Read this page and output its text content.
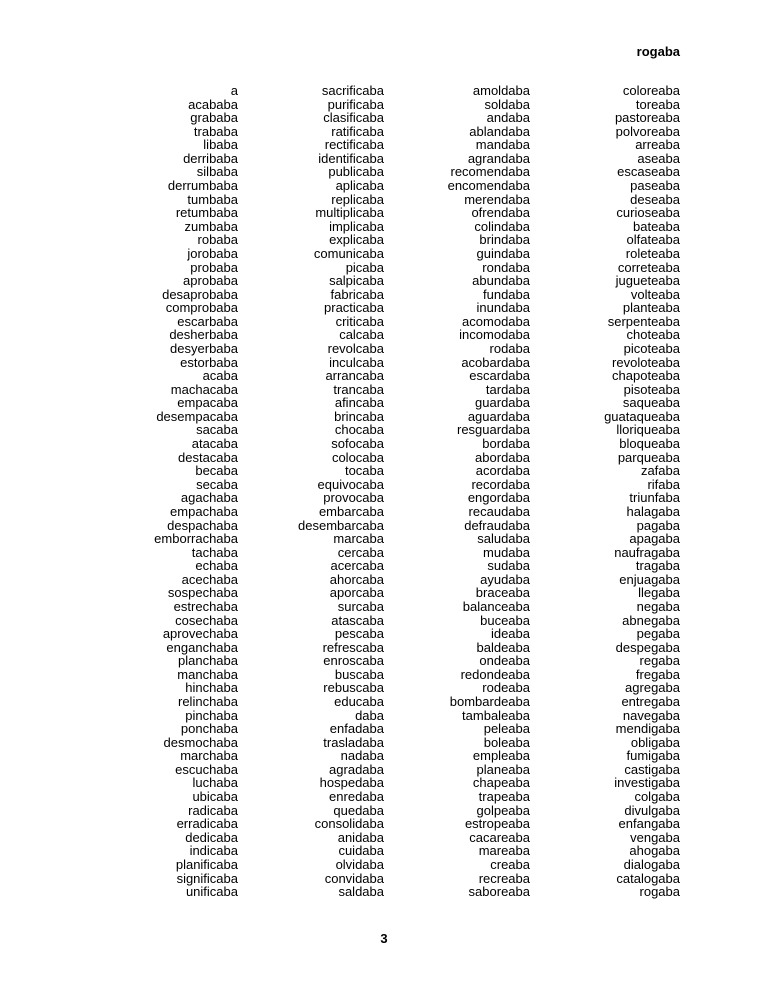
rogaba
a
acababa
grababa
trababa
libaba
derribaba
silbaba
derrumbaba
tumbaba
retumbaba
zumbaba
robaba
jorobaba
probaba
aprobaba
desaprobaba
comprobaba
escarbaba
desherbaba
desyerbaba
estorbaba
acaba
machacaba
empacaba
desempacaba
sacaba
atacaba
destacaba
becaba
secaba
agachaba
empachaba
despachaba
emborrachaba
tachaba
echaba
acechaba
sospechaba
estrechaba
cosechaba
aprovechaba
enganchaba
planchaba
manchaba
hinchaba
relinchaba
pinchaba
ponchaba
desmochaba
marchaba
escuchaba
luchaba
ubicaba
radicaba
erradicaba
dedicaba
indicaba
planificaba
significaba
unificaba
sacrificaba
purificaba
clasificaba
ratificaba
rectificaba
identificaba
publicaba
aplicaba
replicaba
multiplicaba
implicaba
explicaba
comunicaba
picaba
salpicaba
fabricaba
practicaba
criticaba
calcaba
revolcaba
inculcaba
arrancaba
trancaba
afincaba
brincaba
chocaba
sofocaba
colocaba
tocaba
equivocaba
provocaba
embarcaba
desembarcaba
marcaba
cercaba
acercaba
ahorcaba
aporcaba
surcaba
atascaba
pescaba
refrescaba
enroscaba
buscaba
rebuscaba
educaba
daba
enfadaba
trasladaba
nadaba
agradaba
hospedaba
enredaba
quedaba
consolidaba
anidaba
cuidaba
olvidaba
convidaba
saldaba
amoldaba
soldaba
andaba
ablandaba
mandaba
agrandaba
recomendaba
encomendaba
merendaba
ofrendaba
colindaba
brindaba
guindaba
rondaba
abundaba
fundaba
inundaba
acomodaba
incomodaba
rodaba
acobardaba
escardaba
tardaba
guardaba
aguardaba
resguardaba
bordaba
abordaba
acordaba
recordaba
engordaba
recaudaba
defraudaba
saludaba
mudaba
sudaba
ayudaba
braceaba
balanceaba
buceaba
ideaba
baldeaba
ondeaba
redondeaba
rodeaba
bombardeaba
tambaleaba
peleaba
boleaba
empleaba
planeaba
chapeaba
trapeaba
golpeaba
estropeaba
cacareaba
mareaba
creaba
recreaba
saboreaba
coloreaba
toreaba
pastoreaba
polvoreaba
arreaba
aseaba
escaseaba
paseaba
deseaba
curioseaba
bateaba
olfateaba
roleteaba
correteaba
jugueteaba
volteaba
planteaba
serpenteaba
choteaba
picoteaba
revoloteaba
chapoteaba
pisoteaba
saqueaba
guataqueaba
lloriqueaba
bloqueaba
parqueaba
zafaba
rifaba
triunfaba
halagaba
pagaba
apagaba
naufragaba
tragaba
enjuagaba
llegaba
negaba
abnegaba
pegaba
despegaba
regaba
fregaba
agregaba
entregaba
navegaba
mendigaba
obligaba
fumigaba
castigaba
investigaba
colgaba
divulgaba
enfangaba
vengaba
ahogaba
dialogaba
catalogaba
rogaba
3
